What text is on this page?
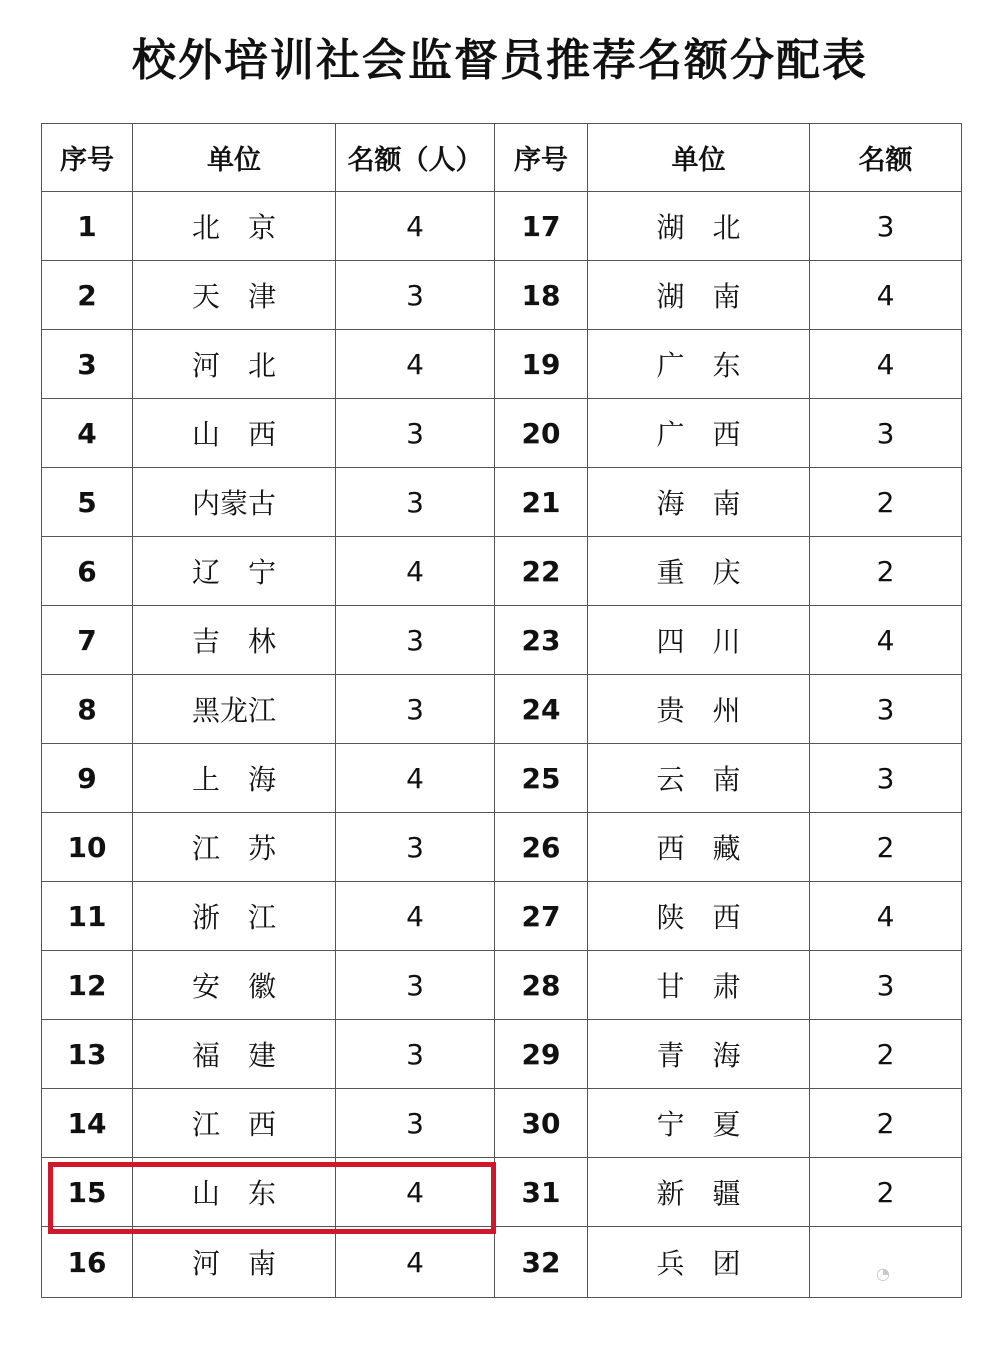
校外培训社会监督员推荐名额分配表
序号	单位	名额（人）	序号	单位	名额
1	北　京	4	17	湖　北	3
2	天　津	3	18	湖　南	4
3	河　北	4	19	广　东	4
4	山　西	3	20	广　西	3
5	内蒙古	3	21	海　南	2
6	辽　宁	4	22	重　庆	2
7	吉　林	3	23	四　川	4
8	黑龙江	3	24	贵　州	3
9	上　海	4	25	云　南	3
10	江　苏	3	26	西　藏	2
11	浙　江	4	27	陕　西	4
12	安　徽	3	28	甘　肃	3
13	福　建	3	29	青　海	2
14	江　西	3	30	宁　夏	2
15	山　东	4	31	新　疆	2
16	河　南	4	32	兵　团		◔
